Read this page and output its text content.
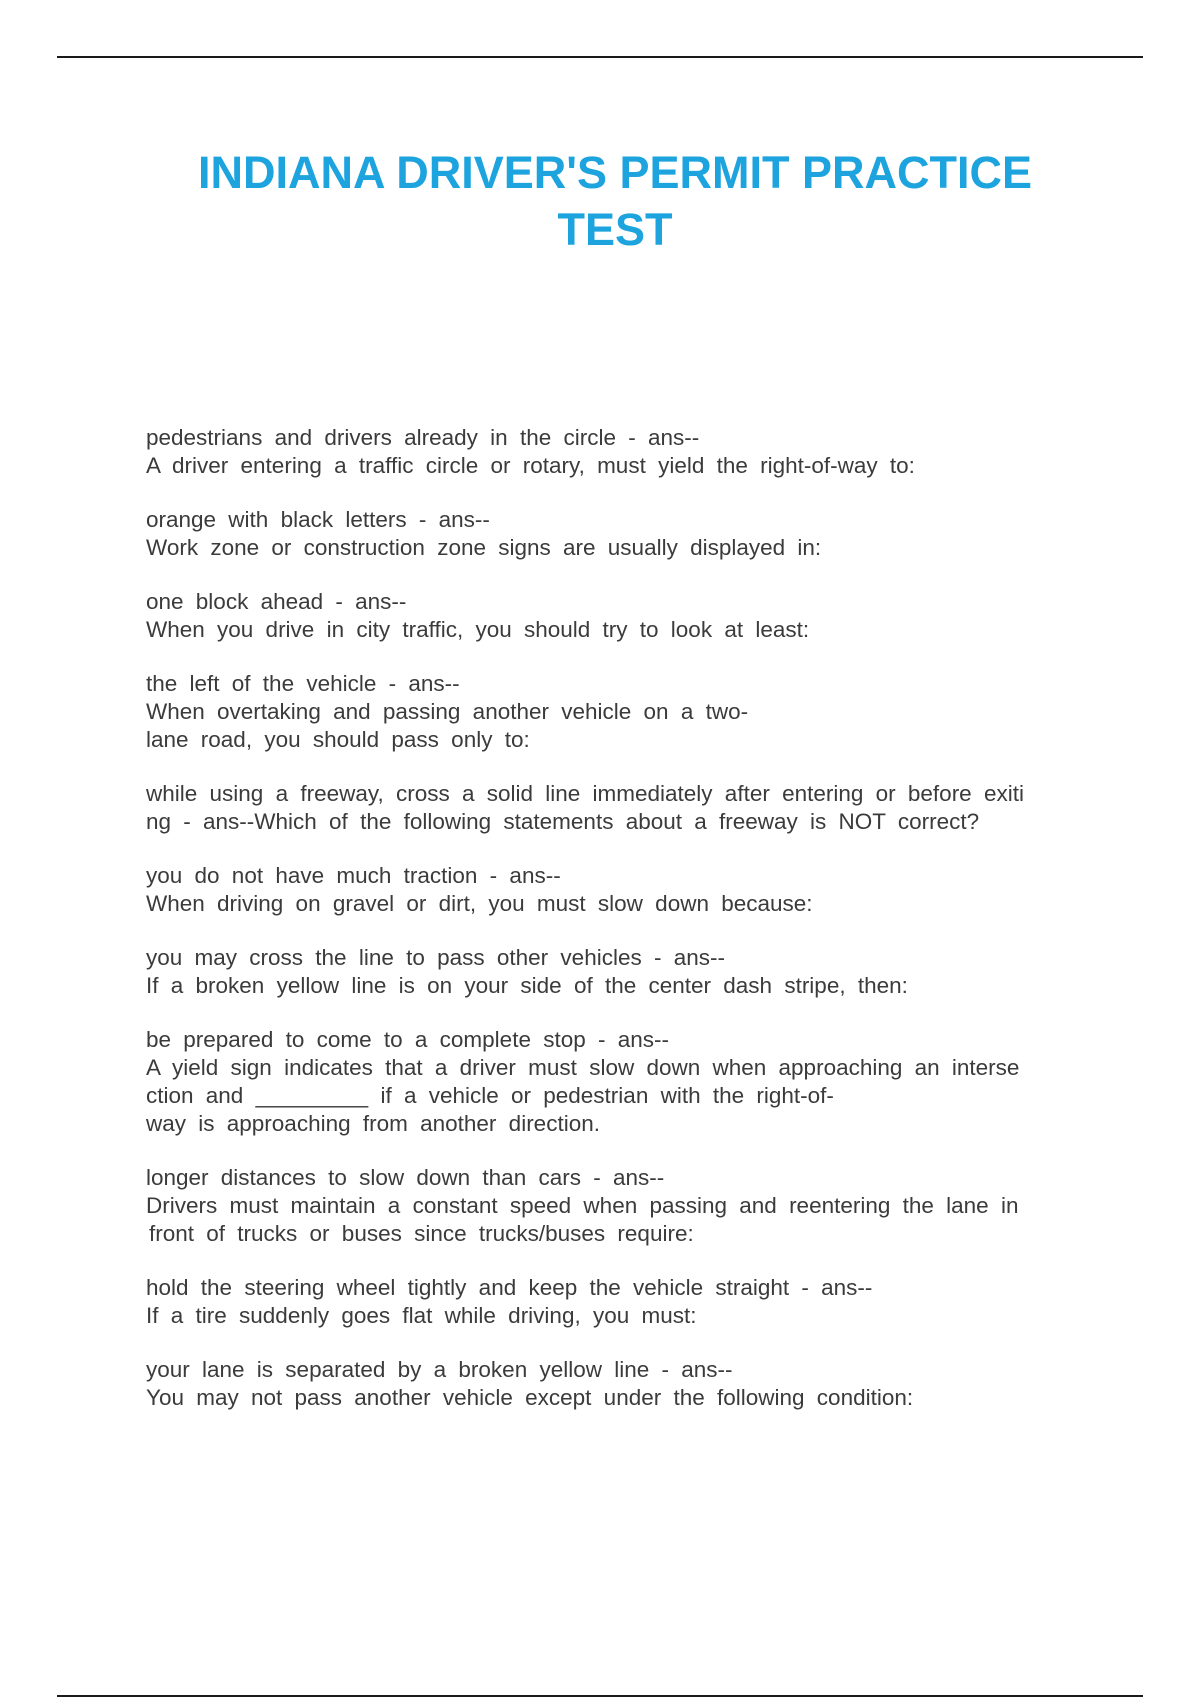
INDIANA DRIVER'S PERMIT PRACTICE
TEST
pedestrians and drivers already in the circle - ans--
A driver entering a traffic circle or rotary, must yield the right-of-way to:
orange with black letters - ans--
Work zone or construction zone signs are usually displayed in:
one block ahead - ans--
When you drive in city traffic, you should try to look at least:
the left of the vehicle - ans--
When overtaking and passing another vehicle on a two-
lane road, you should pass only to:
while using a freeway, cross a solid line immediately after entering or before exiti
ng - ans--Which of the following statements about a freeway is NOT correct?
you do not have much traction - ans--
When driving on gravel or dirt, you must slow down because:
you may cross the line to pass other vehicles - ans--
If a broken yellow line is on your side of the center dash stripe, then:
be prepared to come to a complete stop - ans--
A yield sign indicates that a driver must slow down when approaching an interse
ction and _________ if a vehicle or pedestrian with the right-of-
way is approaching from another direction.
longer distances to slow down than cars - ans--
Drivers must maintain a constant speed when passing and reentering the lane in
front of trucks or buses since trucks/buses require:
hold the steering wheel tightly and keep the vehicle straight - ans--
If a tire suddenly goes flat while driving, you must:
your lane is separated by a broken yellow line - ans--
You may not pass another vehicle except under the following condition:
